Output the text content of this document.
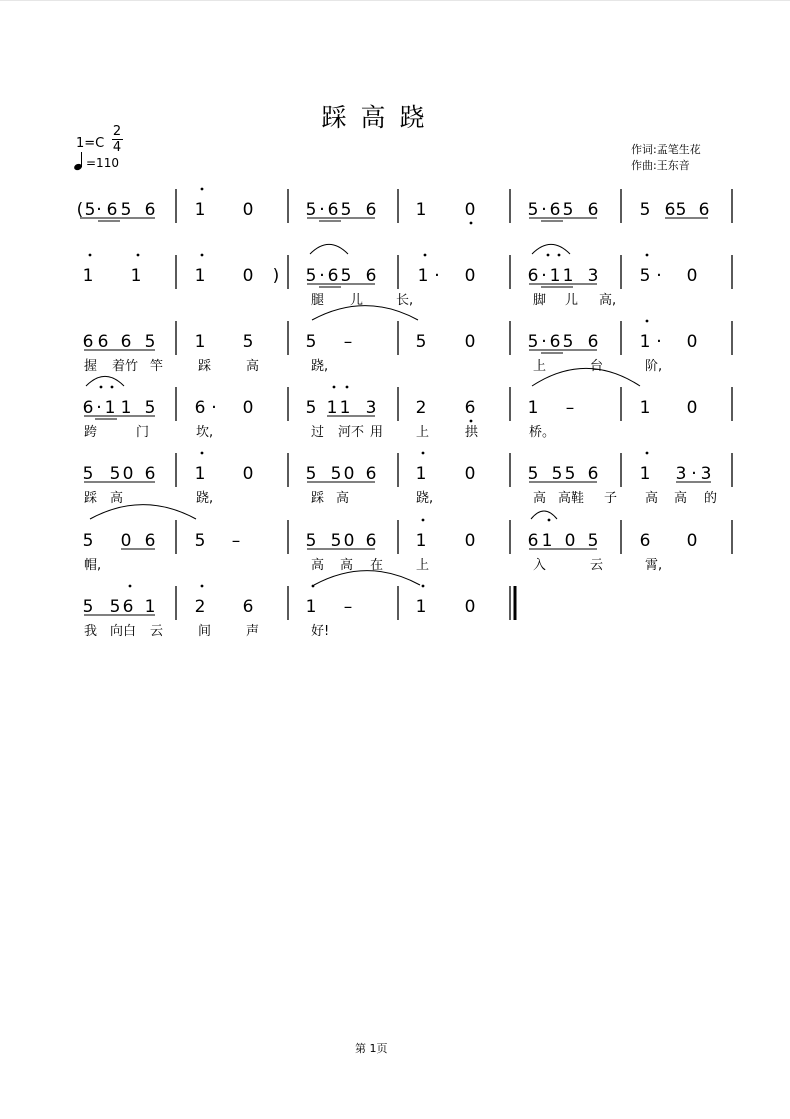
踩高跷
1=C
2
4
=110
作词:孟笔生花
作曲:王东音
( 5 · 6 5 6 1 0	5 · 6 5 6 1 0	5 · 6 5 6 5 6 5 6
1 1	1 0 ) 5 · 6 5 6
腿 儿	长,
1 · 0	6 · 1 1 3
脚 儿 高,
5 · 0
6 6 6 5
握 着竹 竿
1 5
踩	高
5 –
跷,
5 0	5 · 6 5 6
上	台
1 · 0
阶,
6 · 1 1 5
跨	门
6 · 0
坎,
5 1 1 3
过 河不 用
2 6
上	拱
1 –
桥。
1 0
5 5 0 6
踩 高
1 0
跷,
5 5 0 6
踩 高
1 0
跷,
5 5 5 6
高 高鞋 子
1 3 · 3
高 高 的
5 0 6
帽,
5 –	5 5 0 6
高 高 在
1 0
上
6 1 0 5
入	云
6 0
霄,
5 5 6 1
我 向白 云
2 6
间	声
1 –
好!
1 0
第 1页
